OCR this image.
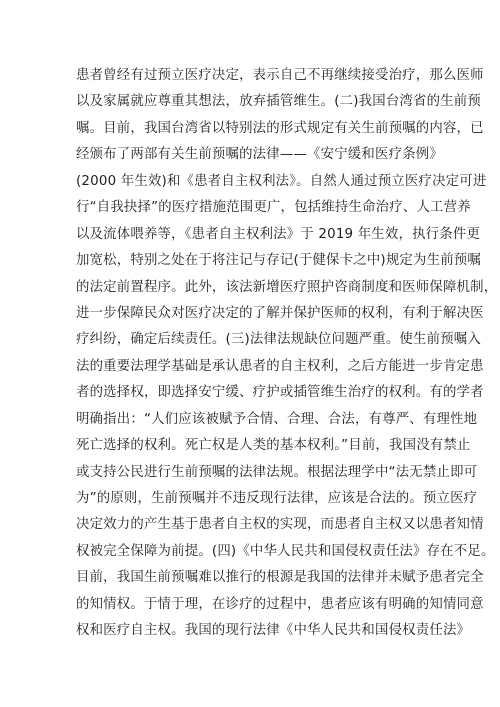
患者曾经有过预立医疗决定，表示自己不再继续接受治疗，那么医师
以及家属就应尊重其想法，放弃插管维生。(二)我国台湾省的生前预
嘱。目前，我国台湾省以特别法的形式规定有关生前预嘱的内容，已
经颁布了两部有关生前预嘱的法律——《安宁缓和医疗条例》
(2000 年生效)和《患者自主权利法》。自然人通过预立医疗决定可进
行“自我抉择”的医疗措施范围更广，包括维持生命治疗、人工营养
以及流体喂养等，《患者自主权利法》于 2019 年生效，执行条件更
加宽松，特别之处在于将注记与存记(于健保卡之中)规定为生前预嘱
的法定前置程序。此外，该法新增医疗照护咨商制度和医师保障机制，
进一步保障民众对医疗决定的了解并保护医师的权利，有利于解决医
疗纠纷，确定后续责任。(三)法律法规缺位问题严重。使生前预嘱入
法的重要法理学基础是承认患者的自主权利，之后方能进一步肯定患
者的选择权，即选择安宁缓、疗护或插管维生治疗的权利。有的学者
明确指出：“人们应该被赋予合情、合理、合法，有尊严、有理性地
死亡选择的权利。死亡权是人类的基本权利。”目前，我国没有禁止
或支持公民进行生前预嘱的法律法规。根据法理学中“法无禁止即可
为”的原则，生前预嘱并不违反现行法律，应该是合法的。预立医疗
决定效力的产生基于患者自主权的实现，而患者自主权又以患者知情
权被完全保障为前提。(四)《中华人民共和国侵权责任法》存在不足。
目前，我国生前预嘱难以推行的根源是我国的法律并未赋予患者完全
的知情权。于情于理，在诊疗的过程中，患者应该有明确的知情同意
权和医疗自主权。我国的现行法律《中华人民共和国侵权责任法》
